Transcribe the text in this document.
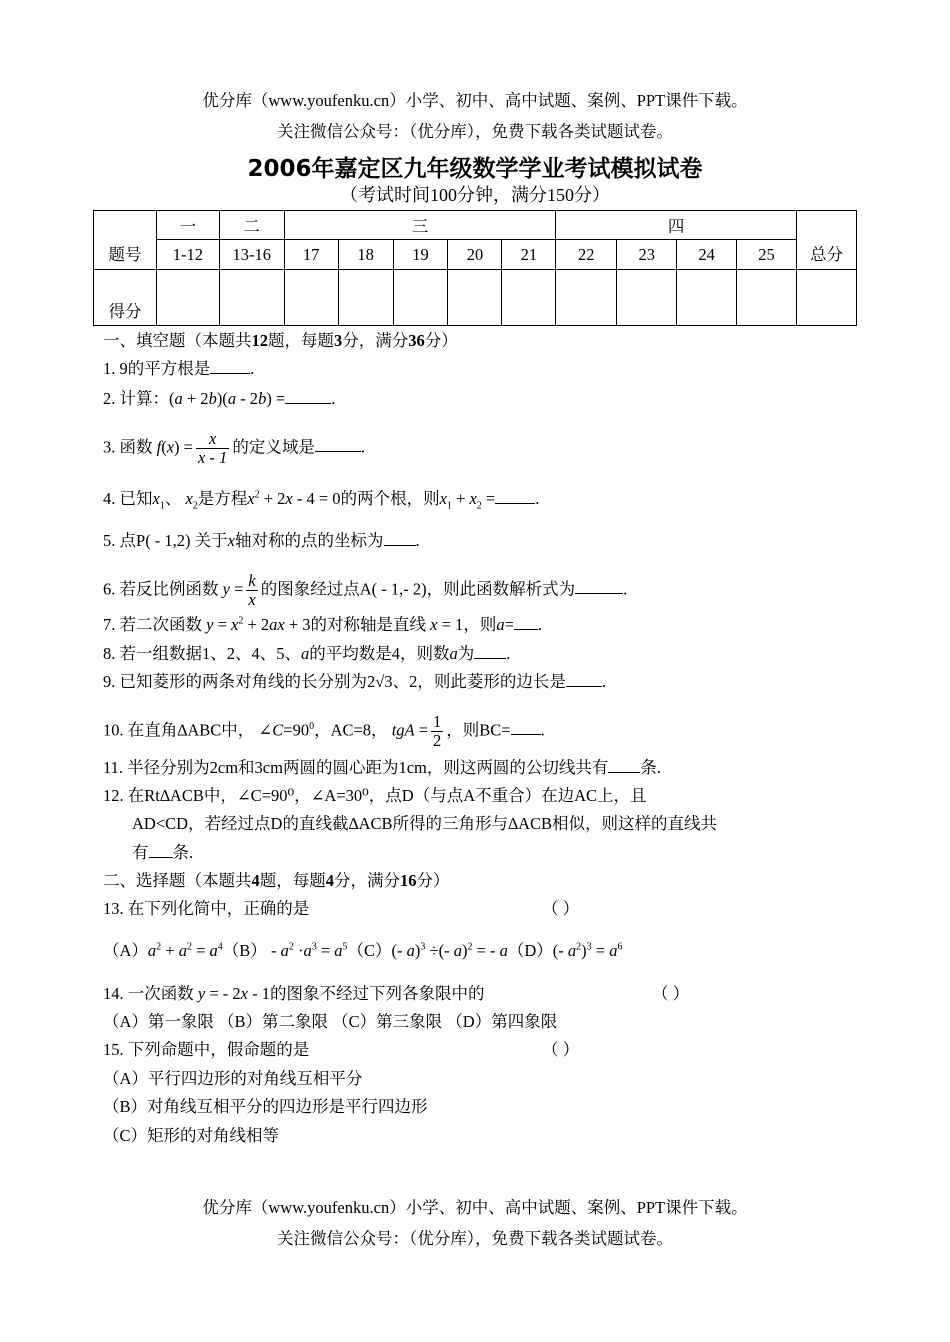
优分库（www.youfenku.cn）小学、初中、高中试题、案例、PPT课件下载。
关注微信公众号：（优分库），免费下载各类试题试卷。
2006年嘉定区九年级数学学业考试模拟试卷
（考试时间100分钟，满分150分）
题号	一	二	三					四				总分
	1-12	13-16	17	18	19	20	21	22	23	24	25	
得分												
一、填空题（本题共12题，每题3分，满分36分）
1. 9的平方根是 .
2. 计算：(a + 2b)(a - 2b) =	.
3. 函数 $f(x) = \frac{x}{x - 1}$ 的定义域是	.
4. 已知$x_1$、 $x_2$是方程$x^2 + 2x - 4 = 0$的两个根，则$x_1 + x_2$ = .
5. 点P( - 1,2) 关于x轴对称的点的坐标为 .
6. 若反比例函数 $y = \frac{k}{x}$ 的图象经过点A( - 1,- 2)，则此函数解析式为	.
7. 若二次函数 $y = x^2 + 2ax + 3$的对称轴是直线 x = 1，则a= .
8. 若一组数据1、2、4、5、a的平均数是4，则数a为 .
9. 已知菱形的两条对角线的长分别为2√3、2，则此菱形的边长是 .
10. 在直角∆ABC中， $\angle C=90^0$，AC=8， tgA = $\frac{1}{2}$ ，则BC= .
11. 半径分别为2cm和3cm两圆的圆心距为1cm，则这两圆的公切线共有 条.
12. 在Rt∆ACB中，∠C=90⁰，∠A=30⁰，点D（与点A不重合）在边AC上，且
AD<CD，若经过点D的直线截∆ACB所得的三角形与∆ACB相似，则这样的直线共
有 条.
二、选择题（本题共4题，每题4分，满分16分）
13. 在下列化简中，正确的是	（ ）
$(A)a^2 + a^2 = a^4(B) - a^2 \cdot a^3 = a^5(C)(-$ a)$^3$ ÷(- a)$^2$ = - a（D）(- $a^2)^3 = a^6$
14. 一次函数 y = - 2x - 1的图象不经过下列各象限中的	（ ）
（A）第一象限 （B）第二象限 （C）第三象限 （D）第四象限
15. 下列命题中，假命题的是	（ ）
（A）平行四边形的对角线互相平分
（B）对角线互相平分的四边形是平行四边形
（C）矩形的对角线相等
优分库（www.youfenku.cn）小学、初中、高中试题、案例、PPT课件下载。
关注微信公众号：（优分库），免费下载各类试题试卷。
